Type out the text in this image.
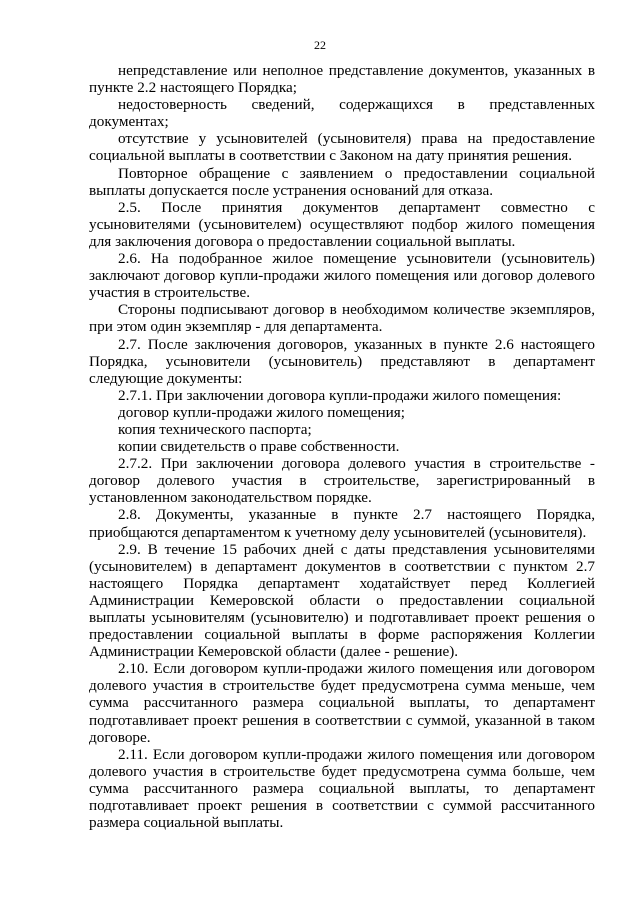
22

непредставление или неполное представление документов, указанных в пункте 2.2 настоящего Порядка;

недостоверность сведений, содержащихся в представленных документах;

отсутствие у усыновителей (усыновителя) права на предоставление социальной выплаты в соответствии с Законом на дату принятия решения.

Повторное обращение с заявлением о предоставлении социальной выплаты допускается после устранения оснований для отказа.

2.5. После принятия документов департамент совместно с усыновителями (усыновителем) осуществляют подбор жилого помещения для заключения договора о предоставлении социальной выплаты.

2.6. На подобранное жилое помещение усыновители (усыновитель) заключают договор купли-продажи жилого помещения или договор долевого участия в строительстве.

Стороны подписывают договор в необходимом количестве экземпляров, при этом один экземпляр - для департамента.

2.7. После заключения договоров, указанных в пункте 2.6 настоящего Порядка, усыновители (усыновитель) представляют в департамент следующие документы:

2.7.1. При заключении договора купли-продажи жилого помещения:

договор купли-продажи жилого помещения;

копия технического паспорта;

копии свидетельств о праве собственности.

2.7.2. При заключении договора долевого участия в строительстве - договор долевого участия в строительстве, зарегистрированный в установленном законодательством порядке.

2.8. Документы, указанные в пункте 2.7 настоящего Порядка, приобщаются департаментом к учетному делу усыновителей (усыновителя).

2.9. В течение 15 рабочих дней с даты представления усыновителями (усыновителем) в департамент документов в соответствии с пунктом 2.7 настоящего Порядка департамент ходатайствует перед Коллегией Администрации Кемеровской области о предоставлении социальной выплаты усыновителям (усыновителю) и подготавливает проект решения о предоставлении социальной выплаты в форме распоряжения Коллегии Администрации Кемеровской области (далее - решение).

2.10. Если договором купли-продажи жилого помещения или договором долевого участия в строительстве будет предусмотрена сумма меньше, чем сумма рассчитанного размера социальной выплаты, то департамент подготавливает проект решения в соответствии с суммой, указанной в таком договоре.

2.11. Если договором купли-продажи жилого помещения или договором долевого участия в строительстве будет предусмотрена сумма больше, чем сумма рассчитанного размера социальной выплаты, то департамент подготавливает проект решения в соответствии с суммой рассчитанного размера социальной выплаты.
